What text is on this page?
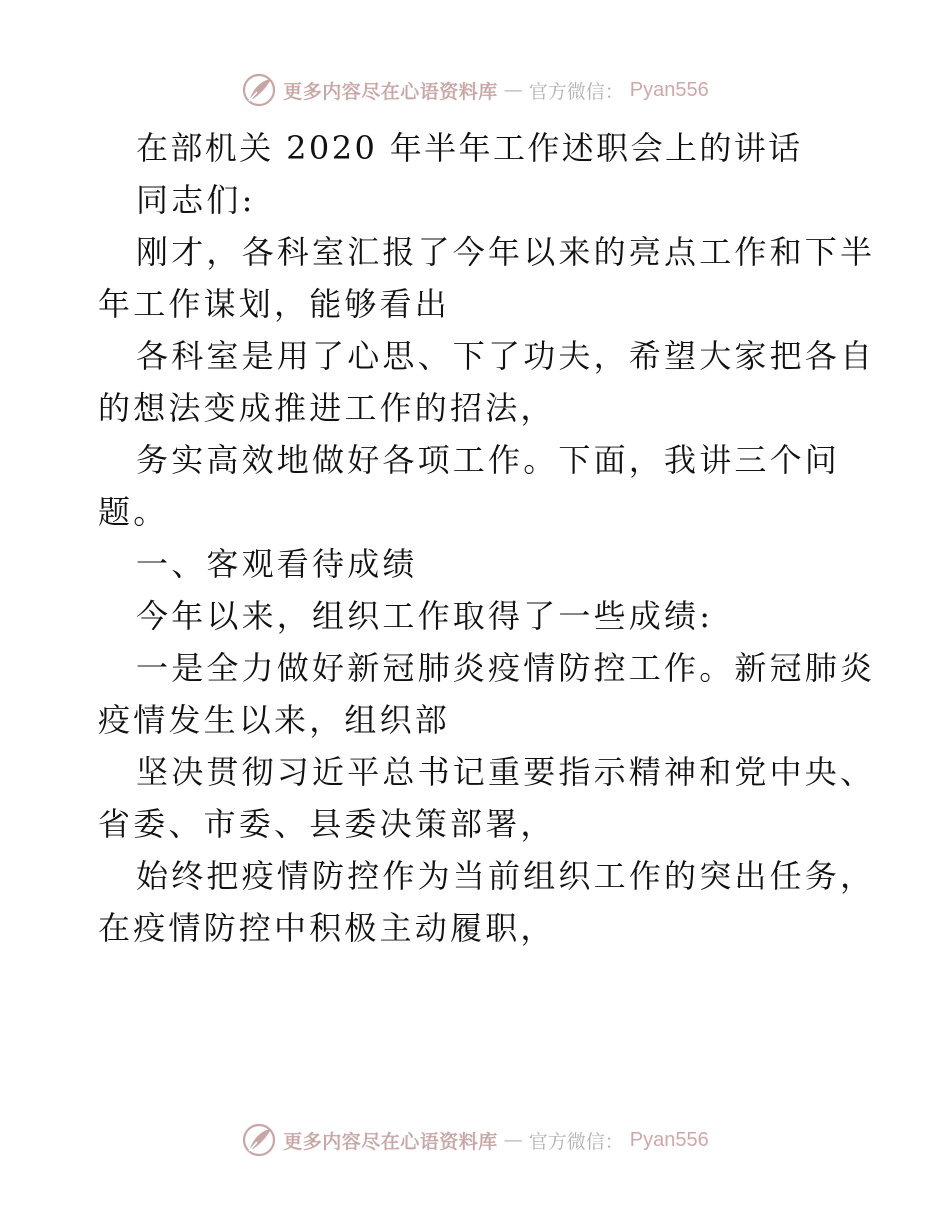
更多内容尽在心语资料库 — 官方微信： Pyan556
在部机关 2020 年半年工作述职会上的讲话
同志们:
刚才，各科室汇报了今年以来的亮点工作和下半
年工作谋划，能够看出
各科室是用了心思、下了功夫，希望大家把各自
的想法变成推进工作的招法，
务实高效地做好各项工作。下面，我讲三个问
题。
一、客观看待成绩
今年以来，组织工作取得了一些成绩:
一是全力做好新冠肺炎疫情防控工作。新冠肺炎
疫情发生以来，组织部
坚决贯彻习近平总书记重要指示精神和党中央、
省委、市委、县委决策部署，
始终把疫情防控作为当前组织工作的突出任务，
在疫情防控中积极主动履职，
更多内容尽在心语资料库 — 官方微信： Pyan556
